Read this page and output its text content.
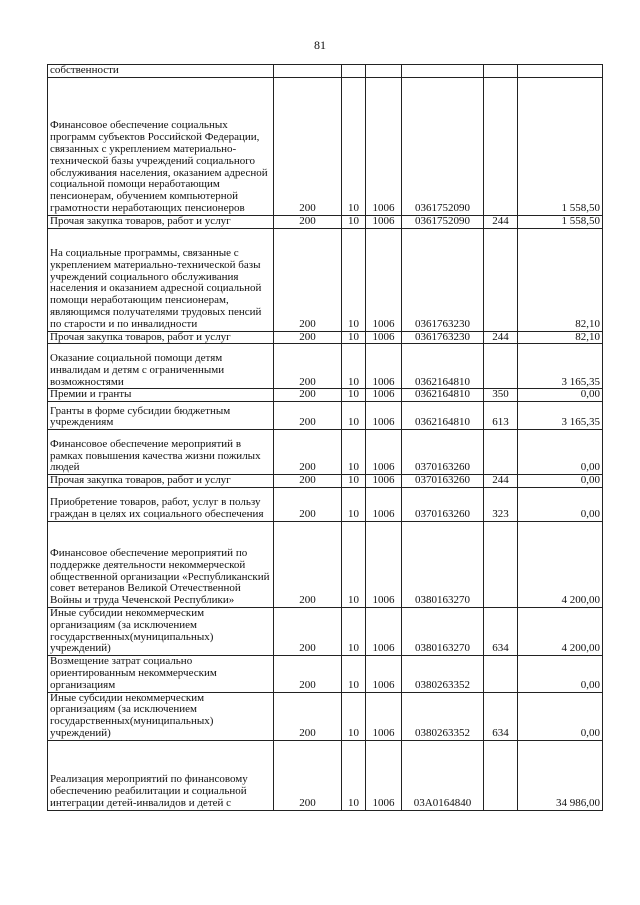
81
собственности						
Финансовое обеспечение социальных программ субъектов Российской Федерации, связанных с укреплением материально-технической базы учреждений социального обслуживания населения, оказанием адресной социальной помощи неработающим пенсионерам, обучением компьютерной грамотности неработающих пенсионеров	200	10	1006	0361752090		1 558,50
Прочая закупка товаров, работ и услуг	200	10	1006	0361752090	244	1 558,50
На социальные программы, связанные с укреплением материально-технической базы учреждений социального обслуживания населения и оказанием адресной социальной помощи неработающим пенсионерам, являющимся получателями трудовых пенсий по старости и по инвалидности	200	10	1006	0361763230		82,10
Прочая закупка товаров, работ и услуг	200	10	1006	0361763230	244	82,10
Оказание социальной помощи детям инвалидам и детям с ограниченными возможностями	200	10	1006	0362164810		3 165,35
Премии и гранты	200	10	1006	0362164810	350	0,00
Гранты в форме субсидии бюджетным учреждениям	200	10	1006	0362164810	613	3 165,35
Финансовое обеспечение мероприятий в рамках повышения качества жизни пожилых людей	200	10	1006	0370163260		0,00
Прочая закупка товаров, работ и услуг	200	10	1006	0370163260	244	0,00
Приобретение товаров, работ, услуг в пользу граждан в целях их социального обеспечения	200	10	1006	0370163260	323	0,00
Финансовое обеспечение мероприятий по поддержке деятельности некоммерческой общественной организации «Республиканский совет ветеранов Великой Отечественной Войны и труда Чеченской Республики»	200	10	1006	0380163270		4 200,00
Иные субсидии некоммерческим организациям (за исключением государственных(муниципальных) учреждений)	200	10	1006	0380163270	634	4 200,00
Возмещение затрат социально ориентированным некоммерческим организациям	200	10	1006	0380263352		0,00
Иные субсидии некоммерческим организациям (за исключением государственных(муниципальных) учреждений)	200	10	1006	0380263352	634	0,00
Реализация мероприятий по финансовому обеспечению реабилитации и социальной интеграции детей-инвалидов и детей с	200	10	1006	03А0164840		34 986,00
